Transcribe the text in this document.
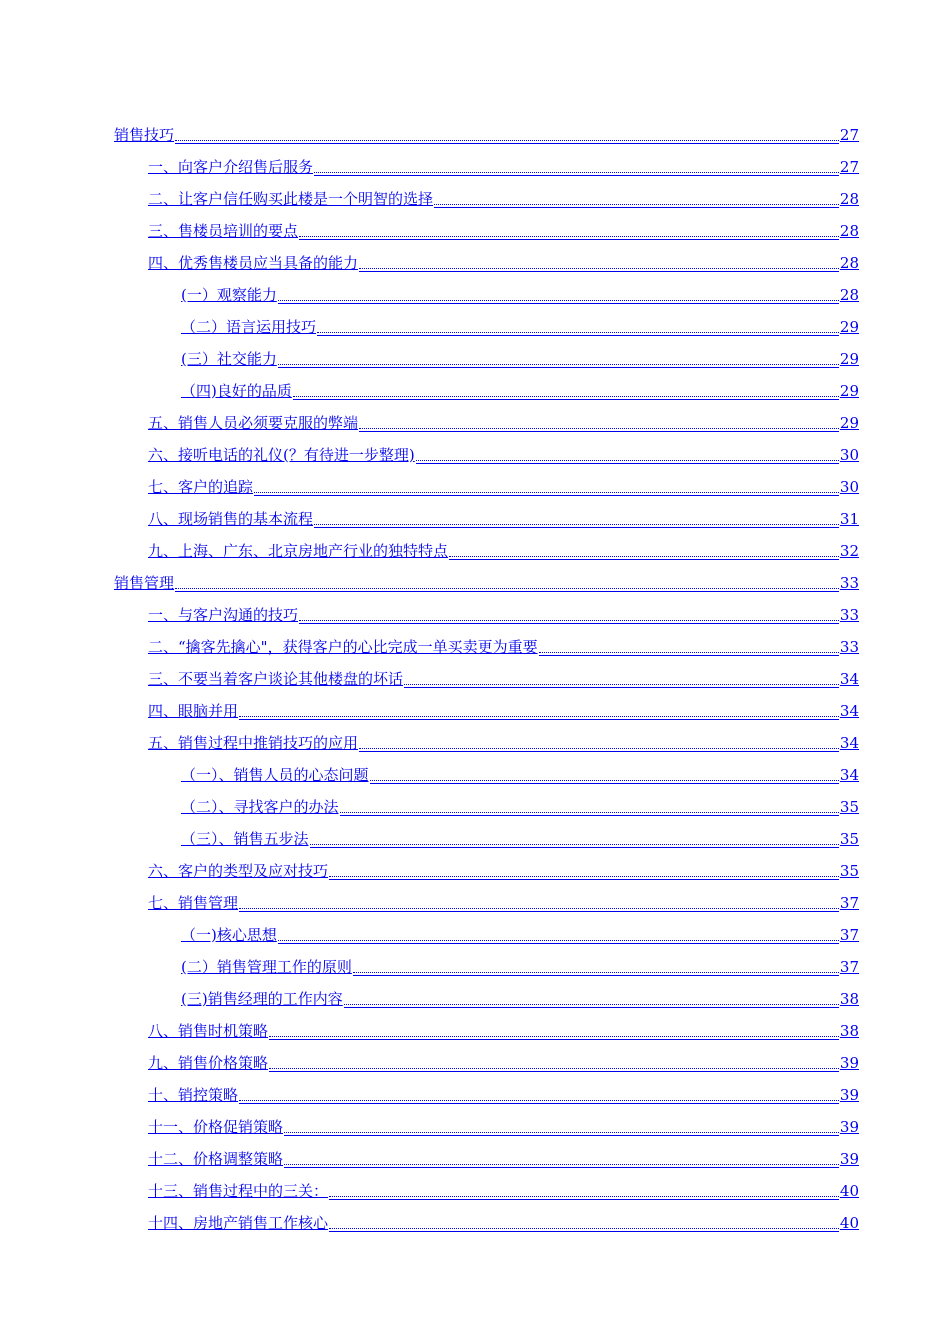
销售技巧	27
一、向客户介绍售后服务	27
二、让客户信任购买此楼是一个明智的选择	28
三、售楼员培训的要点	28
四、优秀售楼员应当具备的能力	28
(一）观察能力	28
（二）语言运用技巧	29
(三）社交能力	29
（四)良好的品质	29
五、销售人员必须要克服的弊端	29
六、接听电话的礼仪(？有待进一步整理)	30
七、客户的追踪	30
八、现场销售的基本流程	31
九、上海、广东、北京房地产行业的独特特点	32
销售管理	33
一、与客户沟通的技巧	33
二、“擒客先擒心"，获得客户的心比完成一单买卖更为重要	33
三、不要当着客户谈论其他楼盘的坏话	34
四、眼脑并用	34
五、销售过程中推销技巧的应用	34
（一）、销售人员的心态问题	34
（二）、寻找客户的办法	35
（三）、销售五步法	35
六、客户的类型及应对技巧	35
七、销售管理	37
（一)核心思想	37
(二）销售管理工作的原则	37
(三)销售经理的工作内容	38
八、销售时机策略	38
九、销售价格策略	39
十、销控策略	39
十一、价格促销策略	39
十二、价格调整策略	39
十三、销售过程中的三关：	40
十四、房地产销售工作核心	40
